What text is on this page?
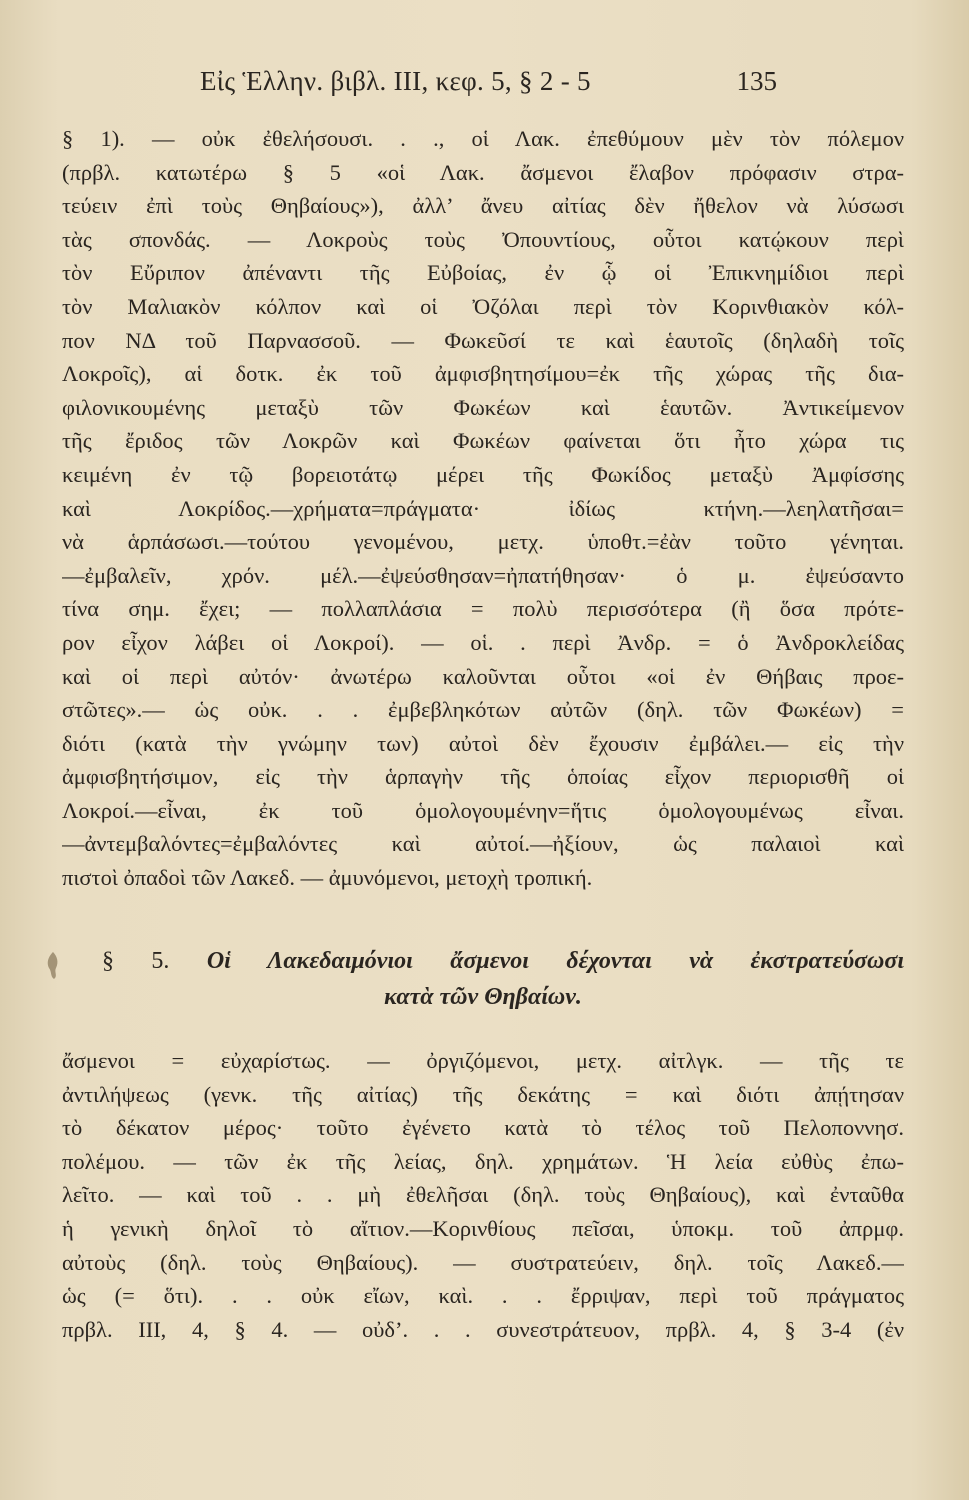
Εἰς Ἑλλην. βιβλ. ΙΙΙ, κεφ. 5, § 2 - 5	135
§ 1). — οὐκ ἐθελήσουσι. . ., οἱ Λακ. ἐπεθύμουν μὲν τὸν πόλεμον
(πρβλ. κατωτέρω § 5 «οἱ Λακ. ἄσμενοι ἔλαβον πρόφασιν στρα-
τεύειν ἐπὶ τοὺς Θηβαίους»), ἀλλ’ ἄνευ αἰτίας δὲν ἤθελον νὰ λύσωσι
τὰς σπονδάς. — Λοκροὺς τοὺς Ὀπουντίους, οὗτοι κατῴκουν περὶ
τὸν Εὔριπον ἀπέναντι τῆς Εὐβοίας, ἐν ᾧ οἱ Ἐπικνημίδιοι περὶ
τὸν Μαλιακὸν κόλπον καὶ οἱ Ὀζόλαι περὶ τὸν Κορινθιακὸν κόλ-
πον ΝΔ τοῦ Παρνασσοῦ. — Φωκεῦσί τε καὶ ἑαυτοῖς (δηλαδὴ τοῖς
Λοκροῖς), αἱ δοτκ. ἐκ τοῦ ἀμφισβητησίμου=ἐκ τῆς χώρας τῆς δια-
φιλονικουμένης μεταξὺ τῶν Φωκέων καὶ ἑαυτῶν. Ἀντικείμενον
τῆς ἔριδος τῶν Λοκρῶν καὶ Φωκέων φαίνεται ὅτι ἦτο χώρα τις
κειμένη ἐν τῷ βορειοτάτῳ μέρει τῆς Φωκίδος μεταξὺ Ἀμφίσσης
καὶ Λοκρίδος.—χρήματα=πράγματα· ἰδίως κτήνη.—λεηλατῆσαι=
νὰ ἁρπάσωσι.—τούτου γενομένου, μετχ. ὑποθτ.=ἐὰν τοῦτο γένηται.
—ἐμβαλεῖν, χρόν. μέλ.—ἐψεύσθησαν=ἠπατήθησαν· ὁ μ. ἐψεύσαντο
τίνα σημ. ἔχει; — πολλαπλάσια = πολὺ περισσότερα (ἢ ὅσα πρότε-
ρον εἶχον λάβει οἱ Λοκροί). — οἱ. . περὶ Ἀνδρ. = ὁ Ἀνδροκλείδας
καὶ οἱ περὶ αὐτόν· ἀνωτέρω καλοῦνται οὗτοι «οἱ ἐν Θήβαις προε-
στῶτες».— ὡς οὐκ. . . ἐμβεβληκότων αὐτῶν (δηλ. τῶν Φωκέων) =
διότι (κατὰ τὴν γνώμην των) αὐτοὶ δὲν ἔχουσιν ἐμβάλει.— εἰς τὴν
ἀμφισβητήσιμον, εἰς τὴν ἁρπαγὴν τῆς ὁποίας εἶχον περιορισθῆ οἱ
Λοκροί.—εἶναι, ἐκ τοῦ ὁμολογουμένην=ἥτις ὁμολογουμένως εἶναι.
—ἀντεμβαλόντες=ἐμβαλόντες καὶ αὐτοί.—ἠξίουν, ὡς παλαιοὶ καὶ
πιστοὶ ὀπαδοὶ τῶν Λακεδ. — ἀμυνόμενοι, μετοχὴ τροπική.
§ 5. Οἱ Λακεδαιμόνιοι ἄσμενοι δέχονται νὰ ἐκστρατεύσωσι
κατὰ τῶν Θηβαίων.
ἄσμενοι = εὐχαρίστως. — ὀργιζόμενοι, μετχ. αἰτλγκ. — τῆς τε
ἀντιλήψεως (γενκ. τῆς αἰτίας) τῆς δεκάτης = καὶ διότι ἀπῄτησαν
τὸ δέκατον μέρος· τοῦτο ἐγένετο κατὰ τὸ τέλος τοῦ Πελοποννησ.
πολέμου. — τῶν ἐκ τῆς λείας, δηλ. χρημάτων. Ἡ λεία εὐθὺς ἐπω-
λεῖτο. — καὶ τοῦ . . μὴ ἐθελῆσαι (δηλ. τοὺς Θηβαίους), καὶ ἐνταῦθα
ἡ γενικὴ δηλοῖ τὸ αἴτιον.—Κορινθίους πεῖσαι, ὑποκμ. τοῦ ἀπρμφ.
αὐτοὺς (δηλ. τοὺς Θηβαίους). — συστρατεύειν, δηλ. τοῖς Λακεδ.—
ὡς (= ὅτι). . . οὐκ εἴων, καὶ. . . ἔρριψαν, περὶ τοῦ πράγματος
πρβλ. ΙΙΙ, 4, § 4. — οὐδ’. . . συνεστράτευον, πρβλ. 4, § 3-4 (ἐν
